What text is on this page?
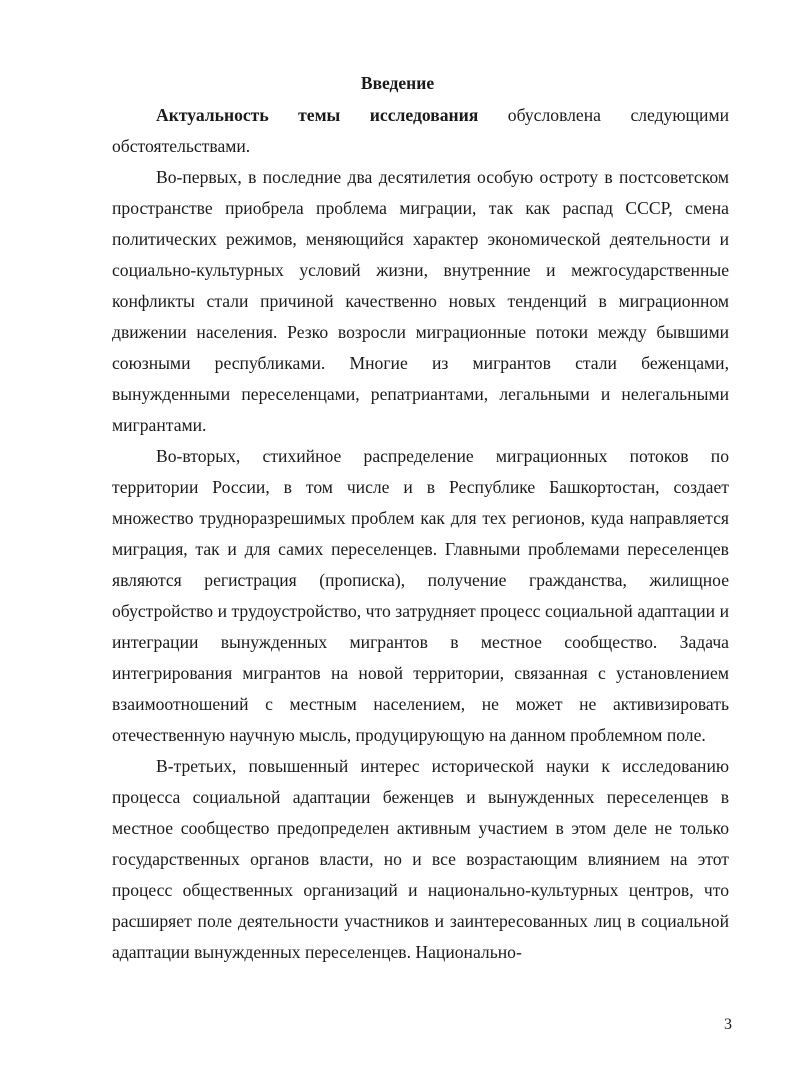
Введение

Актуальность темы исследования обусловлена следующими обстоятельствами.

Во-первых, в последние два десятилетия особую остроту в постсоветском пространстве приобрела проблема миграции, так как распад СССР, смена политических режимов, меняющийся характер экономической деятельности и социально-культурных условий жизни, внутренние и межгосударственные конфликты стали причиной качественно новых тенденций в миграционном движении населения. Резко возросли миграционные потоки между бывшими союзными республиками. Многие из мигрантов стали беженцами, вынужденными переселенцами, репатриантами, легальными и нелегальными мигрантами.

Во-вторых, стихийное распределение миграционных потоков по территории России, в том числе и в Республике Башкортостан, создает множество трудноразрешимых проблем как для тех регионов, куда направляется миграция, так и для самих переселенцев. Главными проблемами переселенцев являются регистрация (прописка), получение гражданства, жилищное обустройство и трудоустройство, что затрудняет процесс социальной адаптации и интеграции вынужденных мигрантов в местное сообщество. Задача интегрирования мигрантов на новой территории, связанная с установлением взаимоотношений с местным населением, не может не активизировать отечественную научную мысль, продуцирующую на данном проблемном поле.

В-третьих, повышенный интерес исторической науки к исследованию процесса социальной адаптации беженцев и вынужденных переселенцев в местное сообщество предопределен активным участием в этом деле не только государственных органов власти, но и все возрастающим влиянием на этот процесс общественных организаций и национально-культурных центров, что расширяет поле деятельности участников и заинтересованных лиц в социальной адаптации вынужденных переселенцев. Национально-

3
